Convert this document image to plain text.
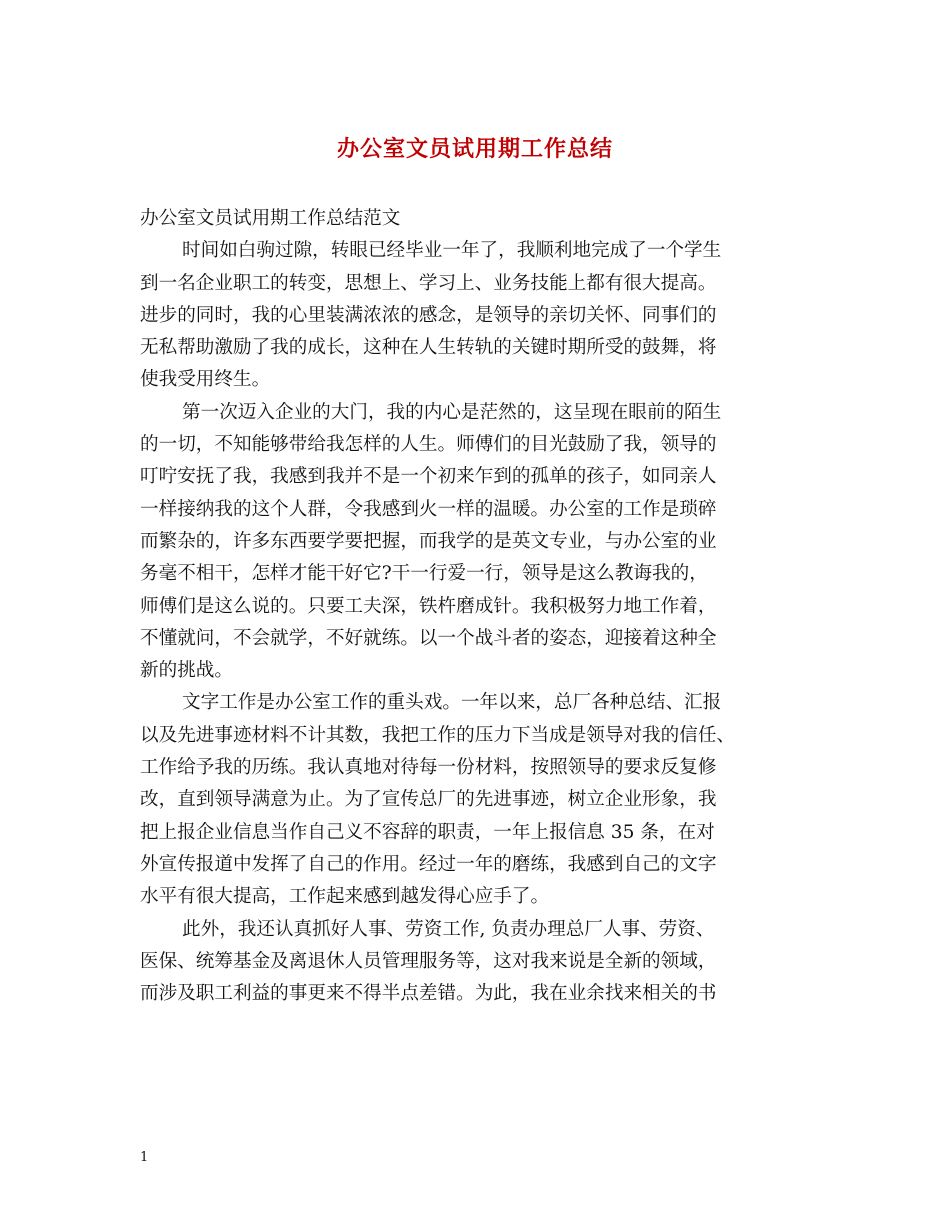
办公室文员试用期工作总结
办公室文员试用期工作总结范文
时间如白驹过隙，转眼已经毕业一年了，我顺利地完成了一个学生
到一名企业职工的转变，思想上、学习上、业务技能上都有很大提高。
进步的同时，我的心里装满浓浓的感念，是领导的亲切关怀、同事们的
无私帮助激励了我的成长，这种在人生转轨的关键时期所受的鼓舞，将
使我受用终生。
第一次迈入企业的大门，我的内心是茫然的，这呈现在眼前的陌生
的一切，不知能够带给我怎样的人生。师傅们的目光鼓励了我，领导的
叮咛安抚了我，我感到我并不是一个初来乍到的孤单的孩子，如同亲人
一样接纳我的这个人群，令我感到火一样的温暖。办公室的工作是琐碎
而繁杂的，许多东西要学要把握，而我学的是英文专业，与办公室的业
务毫不相干，怎样才能干好它?干一行爱一行，领导是这么教诲我的，
师傅们是这么说的。只要工夫深，铁杵磨成针。我积极努力地工作着，
不懂就问，不会就学，不好就练。以一个战斗者的姿态，迎接着这种全
新的挑战。
文字工作是办公室工作的重头戏。一年以来，总厂各种总结、汇报
以及先进事迹材料不计其数，我把工作的压力下当成是领导对我的信任、
工作给予我的历练。我认真地对待每一份材料，按照领导的要求反复修
改，直到领导满意为止。为了宣传总厂的先进事迹，树立企业形象，我
把上报企业信息当作自己义不容辞的职责，一年上报信息 35 条，在对
外宣传报道中发挥了自己的作用。经过一年的磨练，我感到自己的文字
水平有很大提高，工作起来感到越发得心应手了。
此外，我还认真抓好人事、劳资工作, 负责办理总厂人事、劳资、
医保、统筹基金及离退休人员管理服务等，这对我来说是全新的领域，
而涉及职工利益的事更来不得半点差错。为此，我在业余找来相关的书
1
